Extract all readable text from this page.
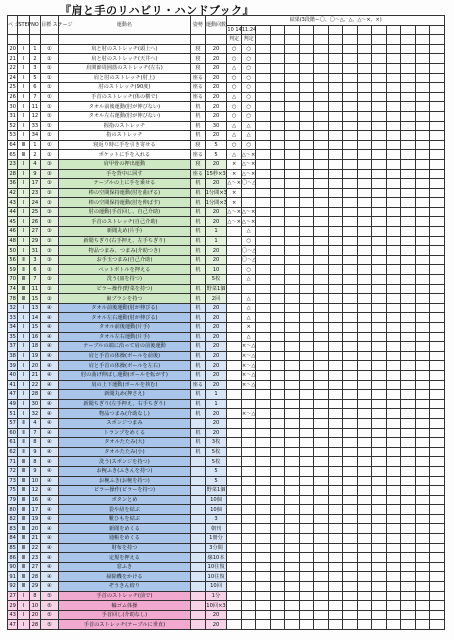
『肩と手のリハビリ・ハンドブック』
ペ ジ	STEP	NO	目標 ステージ	運動名	姿勢	運動回数	結果(3段階ー〇、〇〜△、△、△〜×、×)														
							10 14	11.24													
							判定	判定													
20	Ⅰ	1	①	肩と肘のストレッチ(頭上へ)	寝	20	○	○													
21	Ⅰ	2	①	肩と肘のストレッチ(天井へ)	寝	20	○	○													
22	Ⅰ	3	①	肩関節周囲筋のストレッチ(左右)	寝	20	△	○													
24	Ⅰ	5	①	肩と肘のストレッチ(肘上)	座る	20	○	○													
25	Ⅰ	6	①	肘のストレッチ(90度)	座る	20	○	○													
26	Ⅰ	7	①	手首のストレッチ(体の横で)	座る	20	△	○													
30	Ⅰ	11	①	タオル前後運動(肘が伸びない)	机	20	○	○													
31	Ⅰ	12	①	タオル左右運動(肘が伸びない)	机	20	○	○													
52	Ⅰ	33	①	握指のストレッチ	机	30	△	△													
53	Ⅰ	34	①	指のストレッチ	机	20	△	△													
64	Ⅲ	1	①	寝返り時に手を引き寄せる	寝	5	○	○													
65	Ⅲ	2	①	ポケットに手を入れる	座る	5	△	△〜×													
23	Ⅰ	4	③	肩甲骨の押出運動	寝	20	×	△〜×													
28	Ⅰ	9	③	手を背中に回す	座る	15秒×3	×	△〜×													
36	Ⅰ	17	③	テーブルの上に手を乗せる	机	20	△〜×	〇〜△													
42	Ⅰ	23	③	棒の空間保持運動(肘を曲げる)	机	1分間×3	×														
43	Ⅰ	24	③	棒の空間保持運動(肘を伸ばす)	机	1分間×3	×														
44	Ⅰ	25	③	肘の運動(手首回し、自己介助)	机	20	△〜×	△〜×													
45	Ⅰ	26	③	手首のストレッチ(自己介助)	机	20	△〜×	△〜×													
46	Ⅰ	27	③	新聞丸め(片手)	机	1		△													
48	Ⅰ	29	③	新聞ちぎり(右手押え、左手ちぎり)	机	1		○													
50	Ⅰ	31	③	物品つまみ、つまみ(介助つき)	机	20		〇〜△													
56	Ⅱ	3	③	お手玉つまみ(自己介助)	机	20		〇〜△													
59	Ⅱ	6	③	ペットボトルを押える	机	10		○													
70	Ⅲ	7	③	洗う(皿を持つ)		5枚		△													
74	Ⅲ	11	③	ピラー操作(野菜を持つ)	机	野菜1個															
78	Ⅲ	15	③	歯ブラシを持つ	机	2回		△													
32	Ⅰ	13	④	タオル前後運動(肘が伸びる)	机	20		△													
33	Ⅰ	14	④	タオル左右運動(肘が伸びる)	机	20		△													
34	Ⅰ	15	④	タオル前後運動(片手)	机	20		×													
35	Ⅰ	16	④	タオル左右運動(片手)	机	20		△													
37	Ⅰ	18	④	テーブルの端に沿って肩の前後運動	机	20		×〜△													
38	Ⅰ	19	④	肩と手首の体操(ボールを前後)	机	20		×〜△													
39	Ⅰ	20	④	肩と手首の体操(ボールを左右)	机	20		×〜△													
40	Ⅰ	21	④	肘の曲げ伸ばし運動(ボールを転がす)	机	20		×〜△													
41	Ⅰ	22	④	肩の上下運動(ボールを挟む)	座る	20		×〜△													
47	Ⅰ	28	④	新聞丸め(押さえ)	机	1															
49	Ⅰ	30	④	新聞ちぎり(左手押え、右手ちぎり)	机	1															
51	Ⅰ	32	④	物品つまみ(介助なし)	机	20		×〜△													
57	Ⅱ	4	④	スポンジつまみ		20															
60	Ⅱ	7	④	トランプをめくる	机	20															
61	Ⅱ	8	④	タオルたたみ(大)	机	3枚															
62	Ⅱ	9	④	タオルたたみ(小)	机	5枚															
71	Ⅲ	8	④	洗う(スポンジを持つ)		5枚															
72	Ⅲ	9	④	お椀ふき(ふきんを持つ)		5															
73	Ⅲ	10	④	お椀ふき(お椀を持つ)		5															
75	Ⅲ	12	④	ピラー操作(ピラーを持つ)		野菜1個															
79	Ⅲ	16	④	ボタンとめ		10個															
80	Ⅲ	17	④	袋や紐を結ぶ		10個															
82	Ⅲ	19	④	靴ひもを結ぶ		3															
83	Ⅲ	20	④	新聞をめくる		朝刊															
84	Ⅲ	21	④	通帳をめくる		1冊分															
85	Ⅲ	22	④	財布を持つ		3分間															
86	Ⅲ	23	④	定規を押える		線10本															
90	Ⅲ	27	④	窓ふき		10往復															
91	Ⅲ	28	④	掃除機をかける		10往復															
92	Ⅲ	29	④	ぞうきん絞り		10回															
27	Ⅰ	8	⑤	手首のストレッチ(前で)		1分															
29	Ⅰ	10	⑤	輪ゴム体操		10回×3															
43	Ⅰ	20	⑤	手首回し(介助なし)		20															
47	Ⅰ	28	⑤	手首のストレッチ(テーブルに垂直)		20															
